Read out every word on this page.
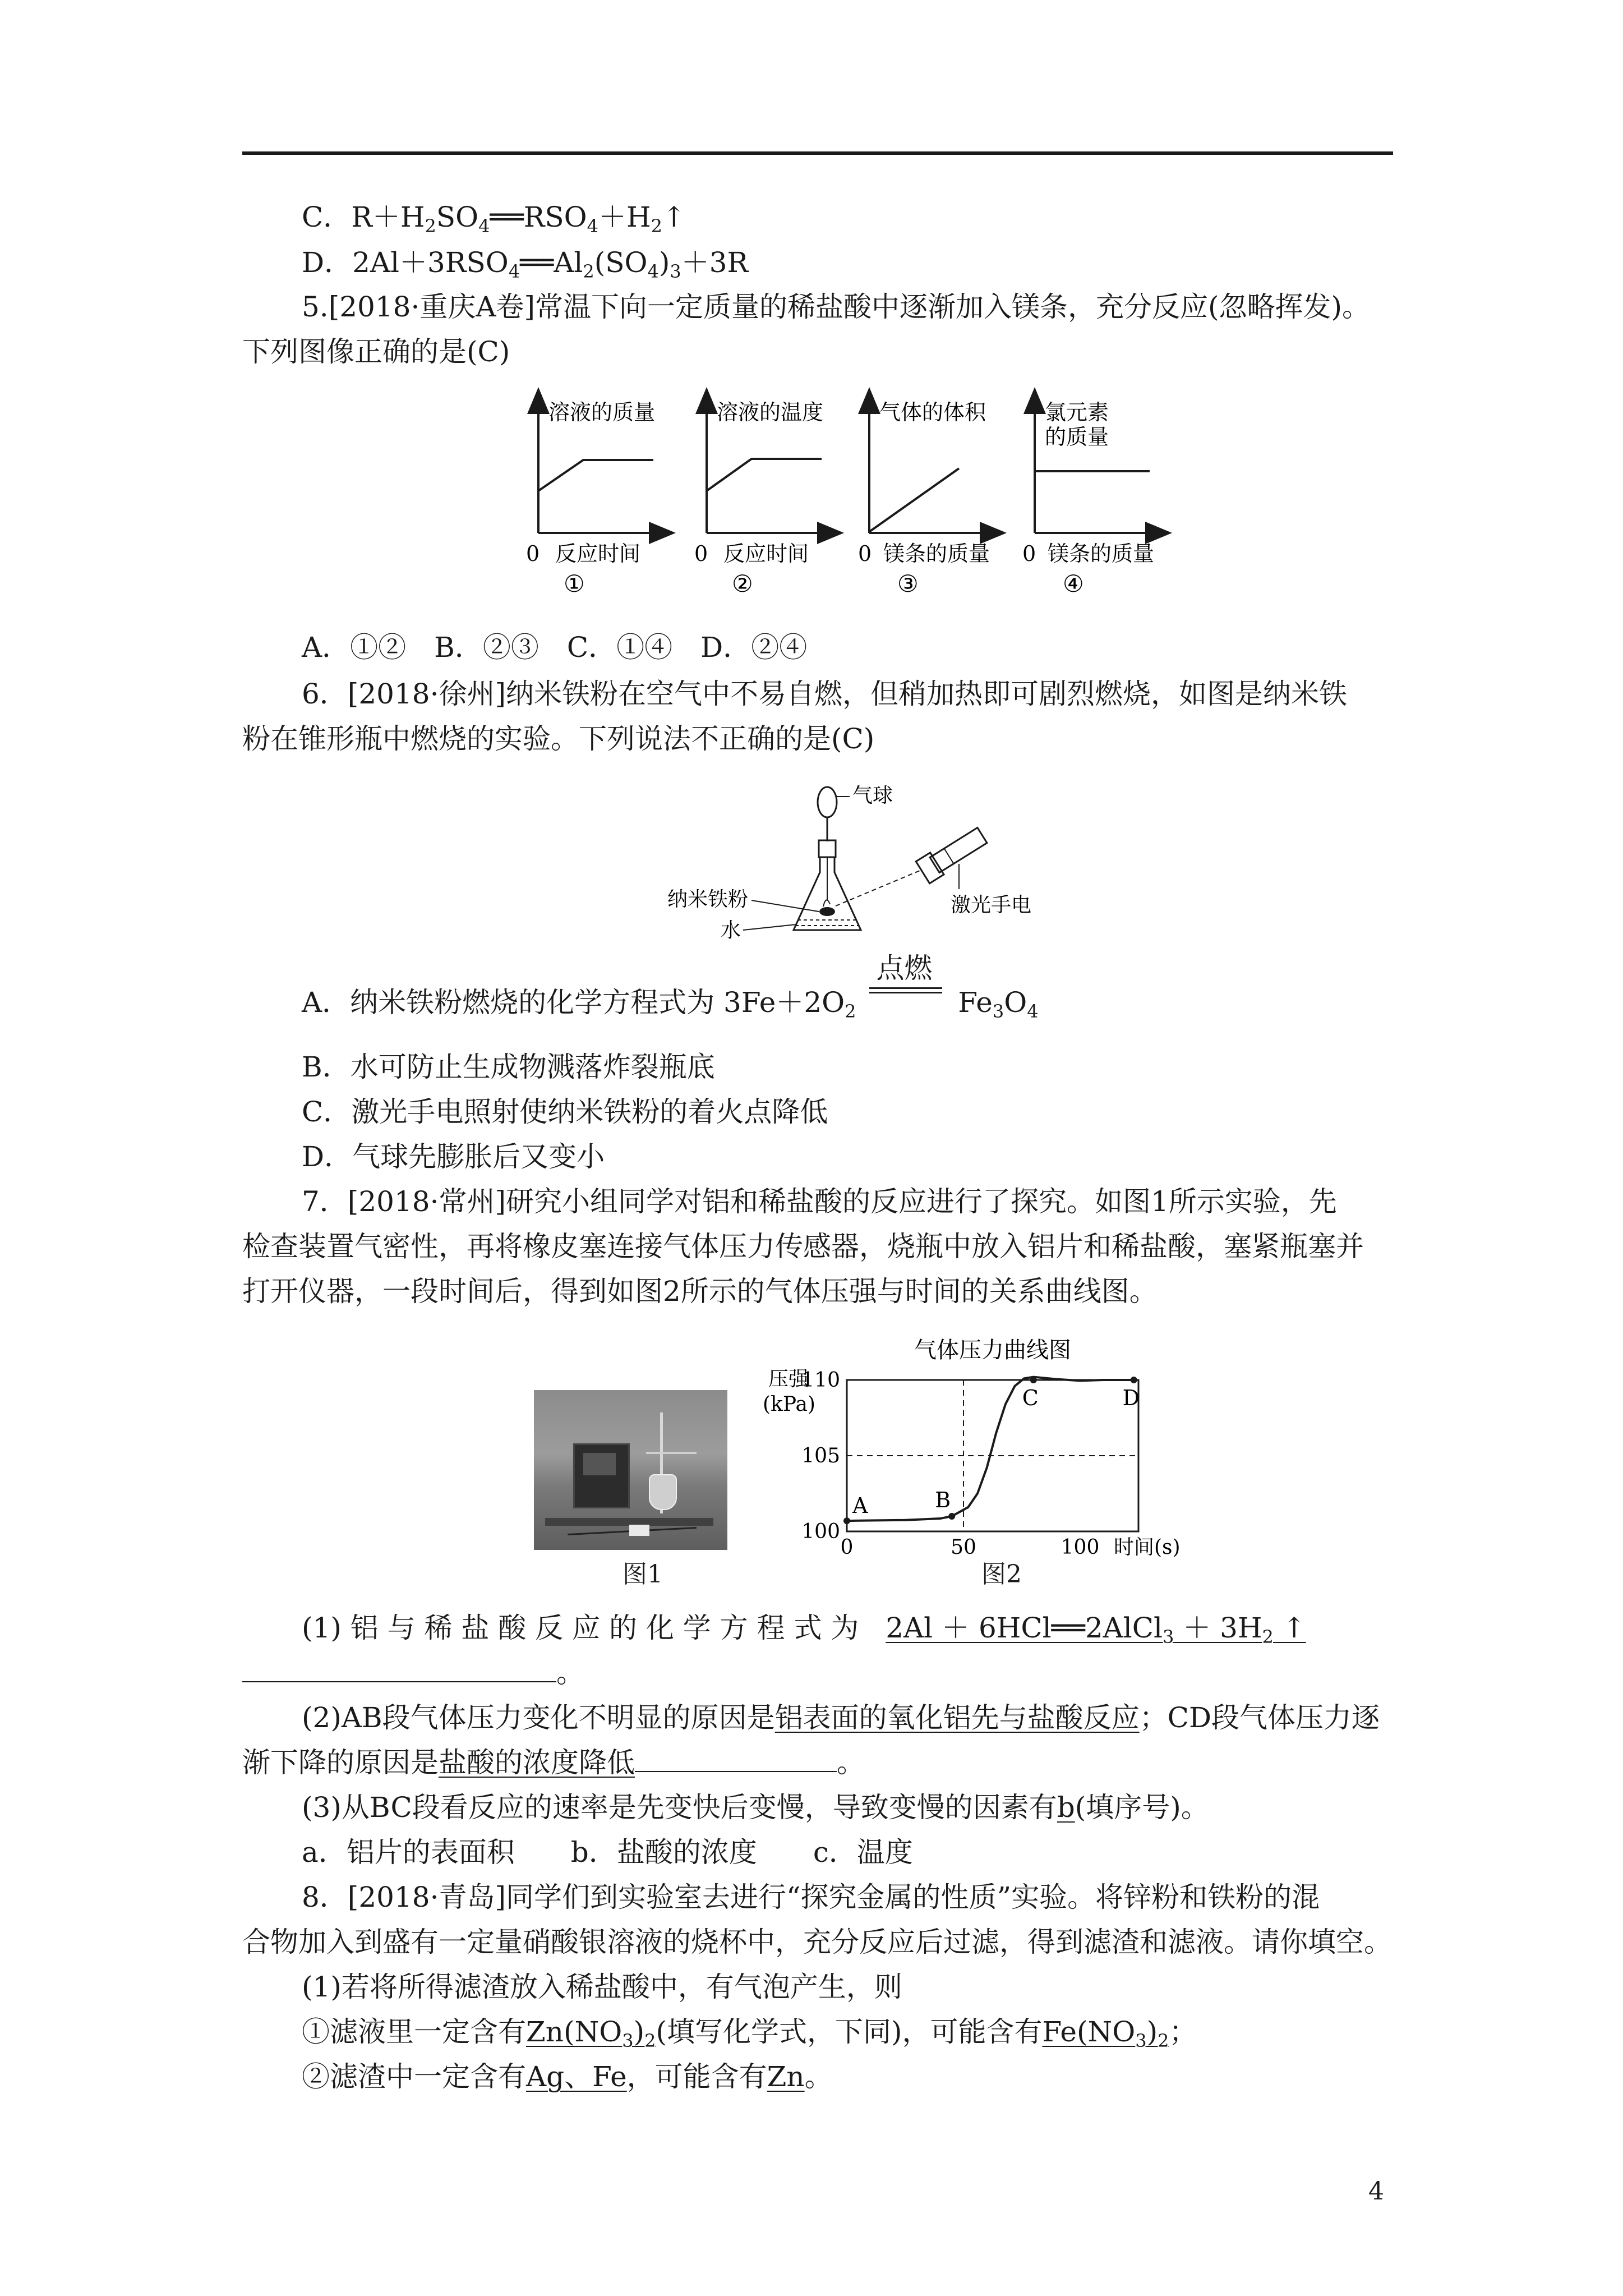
C．$R+H_2SO_4══RSO_4+H_2↑$
D．$2Al+3RSO_4══Al_2(SO_4)_3+3R$
5.[2018·重庆A卷]常温下向一定质量的稀盐酸中逐渐加入镁条，充分反应(忽略挥发)。
下列图像正确的是(C)
溶液的质量
0 反应时间
①
溶液的温度
0 反应时间
②
气体的体积
0 镁条的质量
③
氯元素
的质量
0 镁条的质量
④
A．①②　B．②③　C．①④　D．②④
6．[2018·徐州]纳米铁粉在空气中不易自燃，但稍加热即可剧烈燃烧，如图是纳米铁
粉在锥形瓶中燃烧的实验。下列说法不正确的是(C)
气球
激光手电
纳米铁粉
水
A．纳米铁粉燃烧的化学方程式为 $3Fe+2O_2$
点燃
$Fe_3O_4$
B．水可防止生成物溅落炸裂瓶底
C．激光手电照射使纳米铁粉的着火点降低
D．气球先膨胀后又变小
7．[2018·常州]研究小组同学对铝和稀盐酸的反应进行了探究。如图1所示实验，先
检查装置气密性，再将橡皮塞连接气体压力传感器，烧瓶中放入铝片和稀盐酸，塞紧瓶塞并
打开仪器，一段时间后，得到如图2所示的气体压强与时间的关系曲线图。
图1
气体压力曲线图
压强
(kPa)
100
105
110
0	50	100 时间(s)
A	B
C	D
图2
(1) 铝 与 稀 盐 酸 反 应 的 化 学 方 程 式 为 2Al ＋ 6HCl══2AlCl$_3$ ＋ $3H_2$ ↑
。
(2)AB段气体压力变化不明显的原因是铝表面的氧化铝先与盐酸反应；CD段气体压力逐
渐下降的原因是盐酸的浓度降低	。
(3)从BC段看反应的速率是先变快后变慢，导致变慢的因素有b(填序号)。
a．铝片的表面积　　b．盐酸的浓度　　c．温度
8．[2018·青岛]同学们到实验室去进行“探究金属的性质”实验。将锌粉和铁粉的混
合物加入到盛有一定量硝酸银溶液的烧杯中，充分反应后过滤，得到滤渣和滤液。请你填空。
(1)若将所得滤渣放入稀盐酸中，有气泡产生，则
①滤液里一定含有$Zn(NO_3)_2$(填写化学式，下同)，可能含有$Fe(NO_3)_2$；
②滤渣中一定含有Ag、Fe，可能含有Zn。
4
